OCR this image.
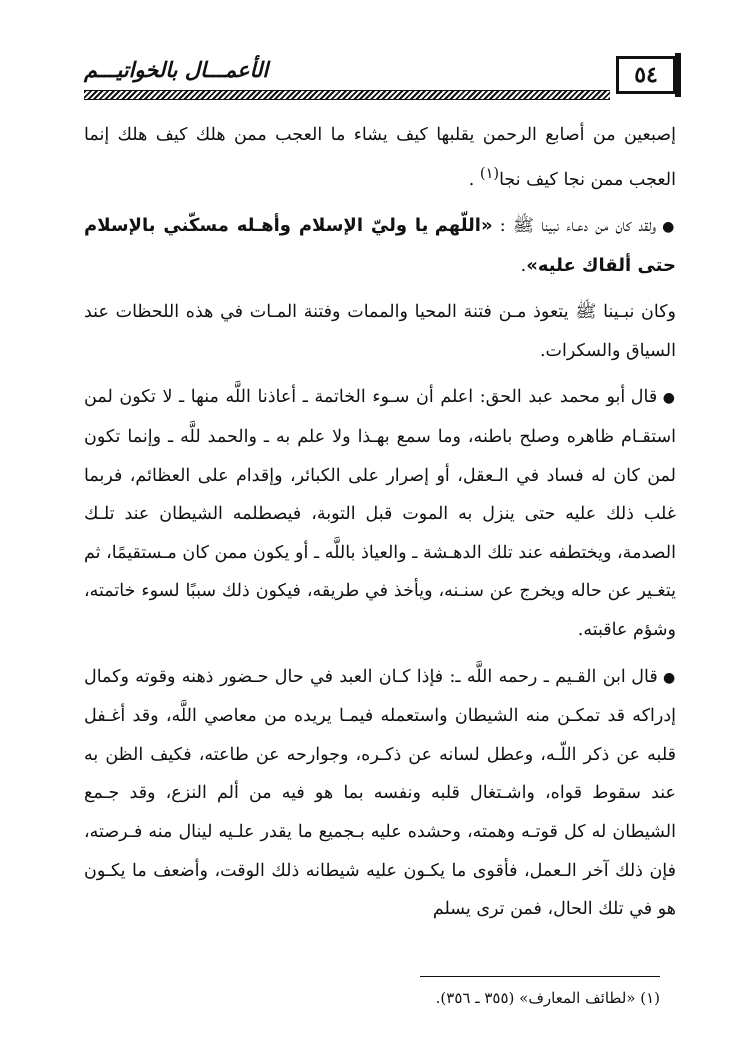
٥٤
الأعمـــال بالخواتيـــم

إصبعين من أصابع الرحمن يقلبها كيف يشاء ما العجب ممن هلك كيف هلك إنما العجب ممن نجا كيف نجا$^{(١)}$ .

● ولقد كان من دعـاء نبينا ﷺ : «اللّهم يا وليّ الإسلام وأهـله مسكّني بالإسلام حتى ألقاك عليه».

وكان نبـينا ﷺ يتعوذ مـن فتنة المحيا والممات وفتنة المـات في هذه اللحظات عند السياق والسكرات.

● قال أبو محمد عبد الحق: اعلم أن سـوء الخاتمة ـ أعاذنا اللَّه منها ـ لا تكون لمن استقـام ظاهره وصلح باطنه، وما سمع بهـذا ولا علم به ـ والحمد للَّه ـ وإنما تكون لمن كان له فساد في الـعقل، أو إصرار على الكبائر، وإقدام على العظائم، فربما غلب ذلك عليه حتى ينزل به الموت قبل التوبة، فيصطلمه الشيطان عند تلـك الصدمة، ويختطفه عند تلك الدهـشة ـ والعياذ باللَّه ـ أو يكون ممن كان مـستقيمًا، ثم يتغـير عن حاله ويخرج عن سنـنه، ويأخذ في طريقه، فيكون ذلك سببًا لسوء خاتمته، وشؤم عاقبته.

● قال ابن القـيم ـ رحمه اللَّه ـ: فإذا كـان العبد في حال حـضور ذهنه وقوته وكمال إدراكه قد تمكـن منه الشيطان واستعمله فيمـا يريده من معاصي اللَّه، وقد أغـفل قلبه عن ذكر اللّـه، وعطل لسانه عن ذكـره، وجوارحه عن طاعته، فكيف الظن به عند سقوط قواه، واشـتغال قلبه ونفسه بما هو فيه من ألم النزع، وقد جـمع الشيطان له كل قوتـه وهمته، وحشده عليه بـجميع ما يقدر علـيه لينال منه فـرصته، فإن ذلك آخر الـعمل، فأقوى ما يكـون عليه شيطانه ذلك الوقت، وأضعف ما يكـون هو في تلك الحال، فمن ترى يسلم

(١) «لطائف المعارف» (٣٥٥ ـ ٣٥٦).
